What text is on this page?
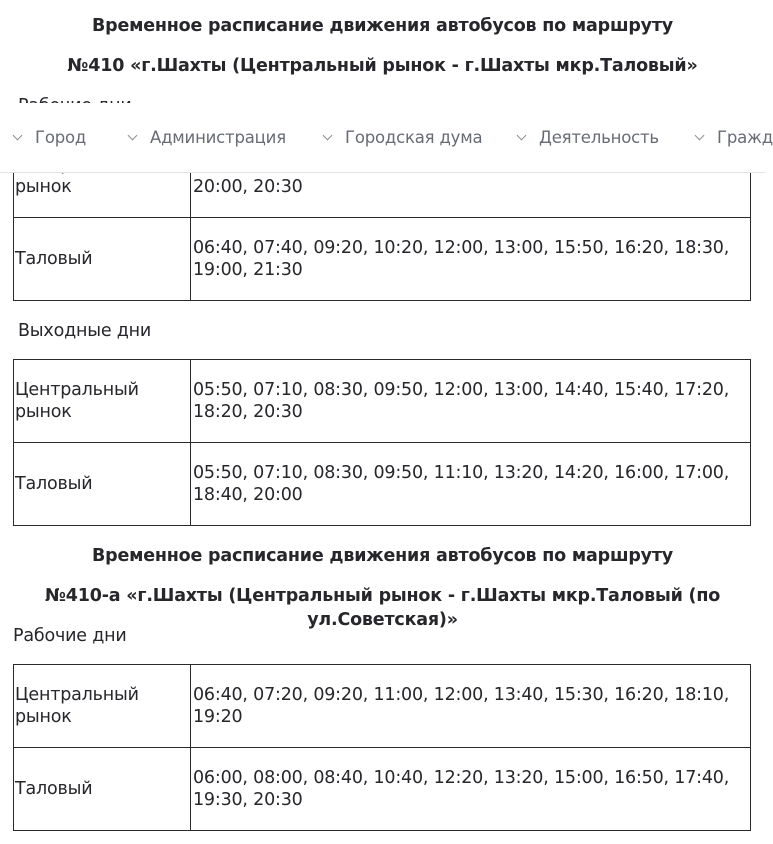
Временное расписание движения автобусов по маршруту

№410 «г.Шахты (Центральный рынок - г.Шахты мкр.Таловый»

Город	Администрация	Городская дума	Деятельность	Гражд
рынок	20:00, 20:30
Таловый	06:40, 07:40, 09:20, 10:20, 12:00, 13:00, 15:50, 16:20, 18:30, 19:00, 21:30

Выходные дни

Центральный рынок	05:50, 07:10, 08:30, 09:50, 12:00, 13:00, 14:40, 15:40, 17:20, 18:20, 20:30
Таловый	05:50, 07:10, 08:30, 09:50, 11:10, 13:20, 14:20, 16:00, 17:00, 18:40, 20:00

Временное расписание движения автобусов по маршруту

№410-а «г.Шахты (Центральный рынок - г.Шахты мкр.Таловый (по ул.Советская)»

Рабочие дни

Центральный рынок	06:40, 07:20, 09:20, 11:00, 12:00, 13:40, 15:30, 16:20, 18:10, 19:20
Таловый	06:00, 08:00, 08:40, 10:40, 12:20, 13:20, 15:00, 16:50, 17:40, 19:30, 20:30
